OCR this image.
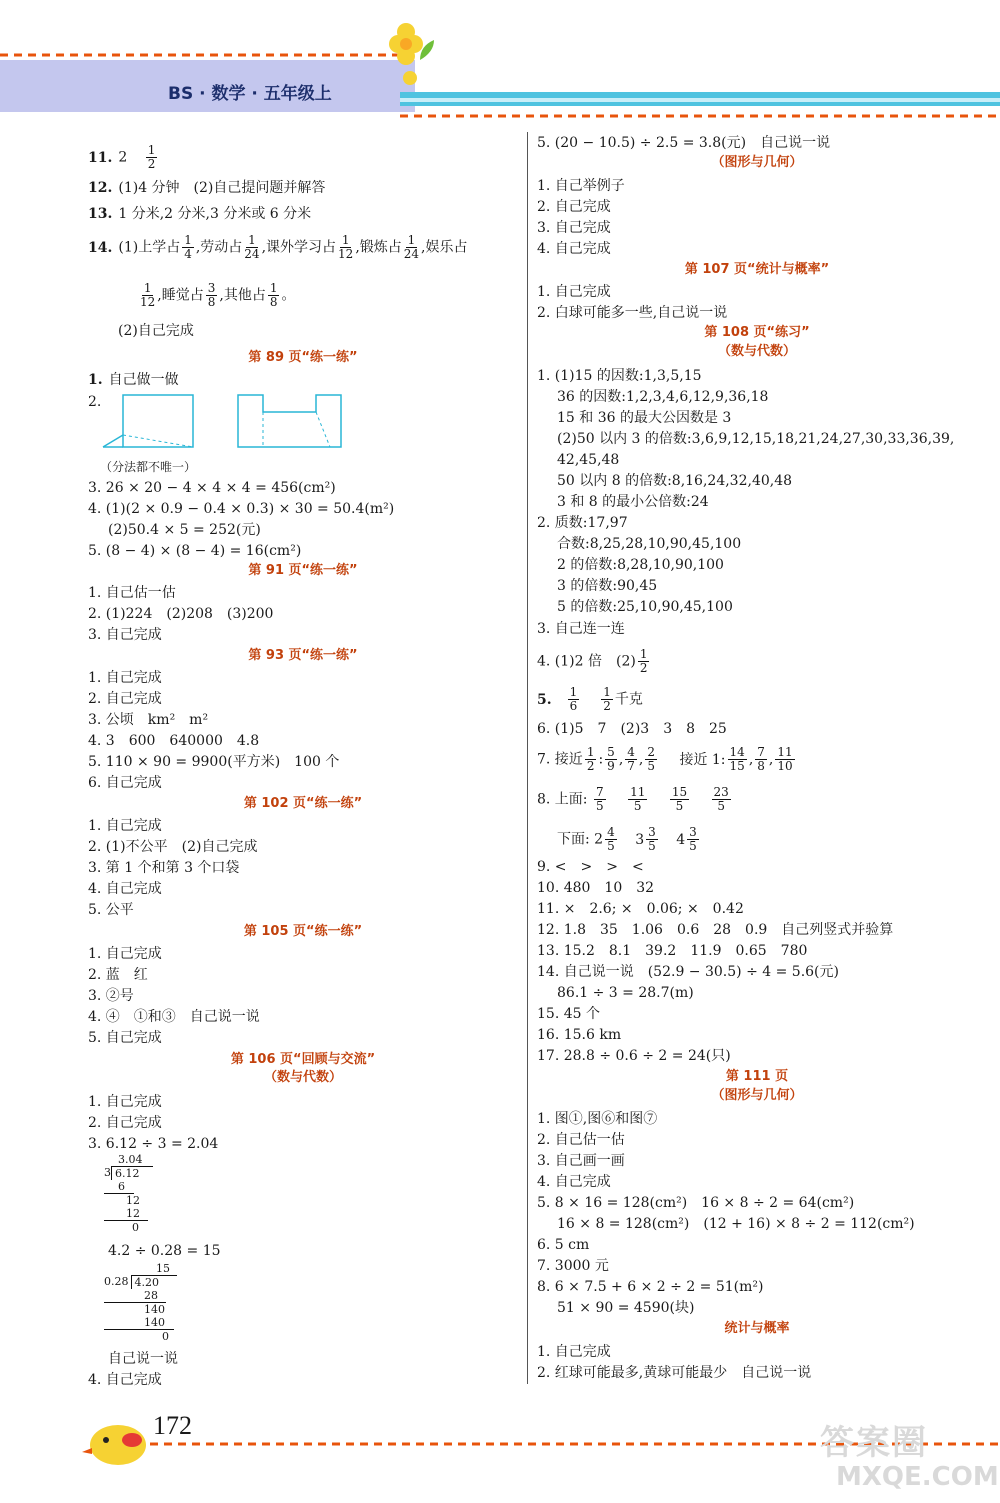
BS · 数学 · 五年级上
11. $2 \frac{1}{2}$
12. (1)4 分钟　(2)自己提问题并解答
13. 1 分米,2 分米,3 分米或 6 分米
14. (1)上学占 $\frac{1}{4}$ ,劳动占 $\frac{1}{24}$ ,课外学习占 $\frac{1}{12}$ ,锻炼占 $\frac{1}{24}$ ,娱乐占
$\frac{1}{12}$ ,睡觉占 $\frac{3}{8}$ ,其他占 $\frac{1}{8}$ 。
(2)自己完成
第 89 页“练一练”
1. 自己做一做
2.
（分法都不唯一）
3. 26 × 20 − 4 × 4 × 4 = 456(cm²)
4. (1)(2 × 0.9 − 0.4 × 0.3) × 30 = 50.4(m²)
(2)50.4 × 5 = 252(元)
5. (8 − 4) × (8 − 4) = 16(cm²)
第 91 页“练一练”
1. 自己估一估
2. (1)224　(2)208　(3)200
3. 自己完成
第 93 页“练一练”
1. 自己完成
2. 自己完成
3. 公顷　km²　m²
4. 3　600　640000　4.8
5. 110 × 90 = 9900(平方米)　100 个
6. 自己完成
第 102 页“练一练”
1. 自己完成
2. (1)不公平　(2)自己完成
3. 第 1 个和第 3 个口袋
4. 自己完成
5. 公平
第 105 页“练一练”
1. 自己完成
2. 蓝　红
3. ②号
4. ④　①和③　自己说一说
5. 自己完成
第 106 页“回顾与交流”
（数与代数）
1. 自己完成
2. 自己完成
3. 6.12 ÷ 3 = 2.04
3.04
3 6.12
6
12
12
0
4.2 ÷ 0.28 = 15
15
0.28 4.20
28
140
140
0
自己说一说
4. 自己完成
5. (20 − 10.5) ÷ 2.5 = 3.8(元)　自己说一说
（图形与几何）
1. 自己举例子
2. 自己完成
3. 自己完成
4. 自己完成
第 107 页“统计与概率”
1. 自己完成
2. 白球可能多一些,自己说一说
第 108 页“练习”
（数与代数）
1. (1)15 的因数:1,3,5,15
36 的因数:1,2,3,4,6,12,9,36,18
15 和 36 的最大公因数是 3
(2)50 以内 3 的倍数:3,6,9,12,15,18,21,24,27,30,33,36,39,
42,45,48
50 以内 8 的倍数:8,16,24,32,40,48
3 和 8 的最小公倍数:24
2. 质数:17,97
合数:8,25,28,10,90,45,100
2 的倍数:8,28,10,90,100
3 的倍数:90,45
5 的倍数:25,10,90,45,100
3. 自己连一连
4. (1)2 倍　$(2) \frac{1}{2}$
5. $\frac{1}{6} \frac{1}{2}$ 千克
6. (1)5　7　(2)3　3　8　25
7. 接近 $\frac{1}{2}$ : $\frac{5}{9}$ , $\frac{4}{7}$ , $\frac{2}{5}$ 接近 1: $\frac{14}{15}$ , $\frac{7}{8}$ , $\frac{11}{10}$
8. 上面: $\frac{7}{5}$
$\frac{11}{5}$
$\frac{15}{5}$
$\frac{23}{5}$
下面: $2 \frac{4}{5} 3 \frac{3}{5} 4 \frac{3}{5}$
9. <　>　>　<
10. 480　10　32
11. ×　2.6; ×　0.06; ×　0.42
12. 1.8　35　1.06　0.6　28　0.9　自己列竖式并验算
13. 15.2　8.1　39.2　11.9　0.65　780
14. 自己说一说　(52.9 − 30.5) ÷ 4 = 5.6(元)
86.1 ÷ 3 = 28.7(m)
15. 45 个
16. 15.6 km
17. 28.8 ÷ 0.6 ÷ 2 = 24(只)
第 111 页
（图形与几何）
1. 图①,图⑥和图⑦
2. 自己估一估
3. 自己画一画
4. 自己完成
5. 8 × 16 = 128(cm²)　16 × 8 ÷ 2 = 64(cm²)
16 × 8 = 128(cm²)　(12 + 16) × 8 ÷ 2 = 112(cm²)
6. 5 cm
7. 3000 元
8. 6 × 7.5 + 6 × 2 ÷ 2 = 51(m²)
51 × 90 = 4590(块)
统计与概率
1. 自己完成
2. 红球可能最多,黄球可能最少　自己说一说
172	答案圈
MXQE.COM
